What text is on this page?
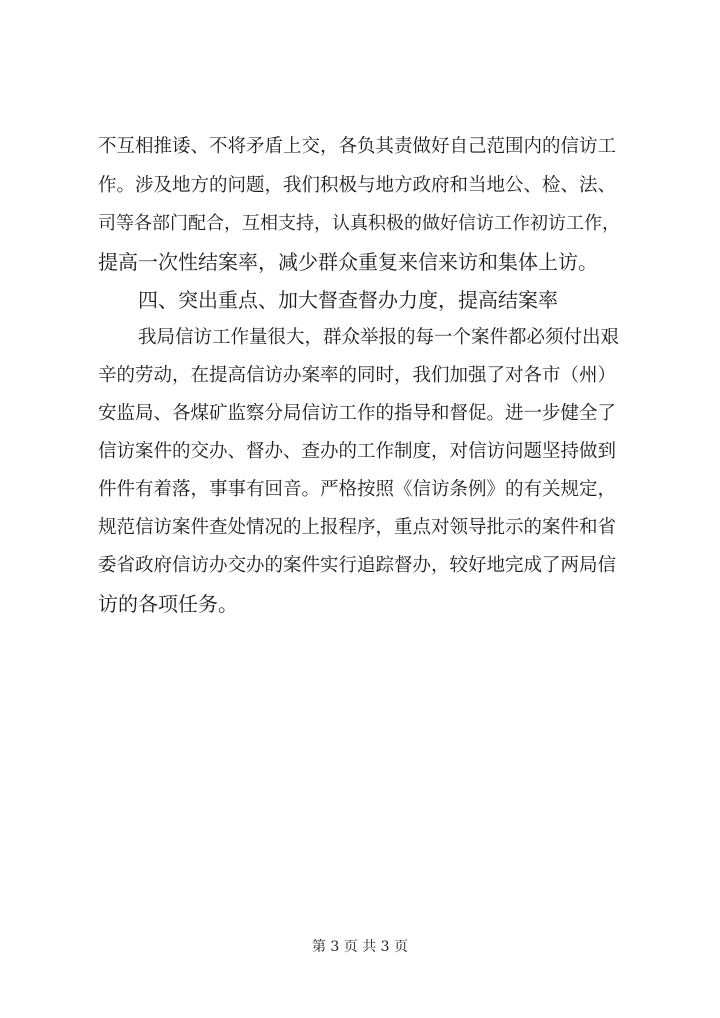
不互相推诿、不将矛盾上交，各负其责做好自己范围内的信访工
作。涉及地方的问题，我们积极与地方政府和当地公、检、法、
司等各部门配合，互相支持，认真积极的做好信访工作初访工作，
提高一次性结案率，减少群众重复来信来访和集体上访。
四、突出重点、加大督查督办力度，提高结案率
我局信访工作量很大，群众举报的每一个案件都必须付出艰
辛的劳动，在提高信访办案率的同时，我们加强了对各市（州）
安监局、各煤矿监察分局信访工作的指导和督促。进一步健全了
信访案件的交办、督办、查办的工作制度，对信访问题坚持做到
件件有着落，事事有回音。严格按照《信访条例》的有关规定，
规范信访案件查处情况的上报程序，重点对领导批示的案件和省
委省政府信访办交办的案件实行追踪督办，较好地完成了两局信
访的各项任务。
第 3 页 共 3 页
